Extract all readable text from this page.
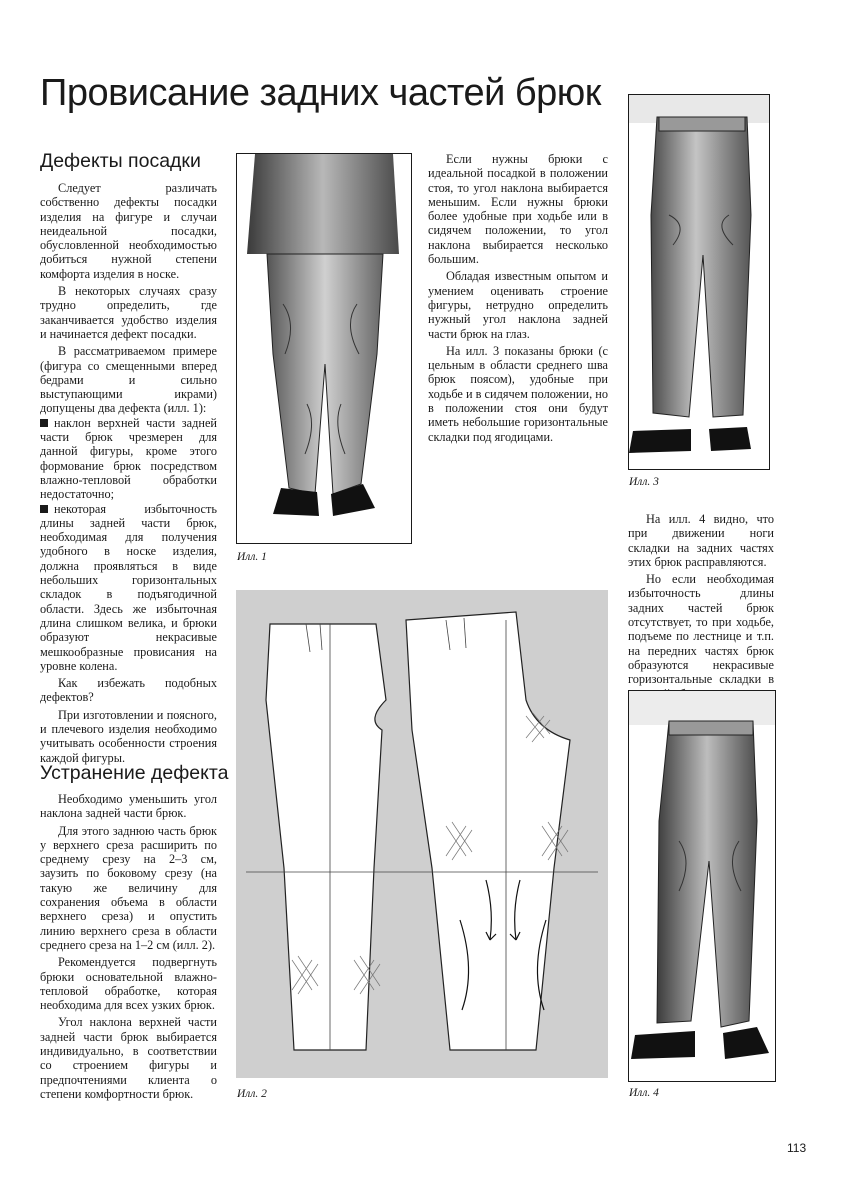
Провисание задних частей брюк
Дефекты посадки

Следует различать собственно дефекты посадки изделия на фигуре и случаи неидеальной посадки, обусловленной необходимостью добиться нужной степени комфорта изделия в носке.

В некоторых случаях сразу трудно определить, где заканчивается удобство изделия и начинается дефект посадки.

В рассматриваемом примере (фигура со смещенными вперед бедрами и сильно выступающими икрами) допущены два дефекта (илл. 1):

наклон верхней части задней части брюк чрезмерен для данной фигуры, кроме этого формование брюк посредством влажно-тепловой обработки недостаточно;

некоторая избыточность длины задней части брюк, необходимая для получения удобного в носке изделия, должна проявляться в виде небольших горизонтальных складок в подъягодичной области. Здесь же избыточная длина слишком велика, и брюки образуют некрасивые мешкообразные провисания на уровне колена.

Как избежать подобных дефектов?

При изготовлении и поясного, и плечевого изделия необходимо учитывать особенности строения каждой фигуры.

Устранение дефекта

Необходимо уменьшить угол наклона задней части брюк.

Для этого заднюю часть брюк у верхнего среза расширить по среднему срезу на 2–3 см, заузить по боковому срезу (на такую же величину для сохранения объема в области верхнего среза) и опустить линию верхнего среза в области среднего среза на 1–2 см (илл. 2).

Рекомендуется подвергнуть брюки основательной влажно-тепловой обработке, которая необходима для всех узких брюк.

Угол наклона верхней части задней части брюк выбирается индивидуально, в соответствии со строением фигуры и предпочтениями клиента о степени комфортности брюк.

Илл. 1

Если нужны брюки с идеальной посадкой в положении стоя, то угол наклона выбирается меньшим. Если нужны брюки более удобные при ходьбе или в сидячем положении, то угол наклона выбирается несколько большим.

Обладая известным опытом и умением оценивать строение фигуры, нетрудно определить нужный угол наклона задней части брюк на глаз.

На илл. 3 показаны брюки (с цельным в области среднего шва брюк поясом), удобные при ходьбе и в сидячем положении, но в положении стоя они будут иметь небольшие горизонтальные складки под ягодицами.

Илл. 3

На илл. 4 видно, что при движении ноги складки на задних частях этих брюк расправляются.

Но если необходимая избыточность длины задних частей брюк отсутствует, то при ходьбе, подъеме по лестнице и т.п. на передних частях брюк образуются некрасивые горизонтальные складки в

Илл. 2	Илл. 4
113
